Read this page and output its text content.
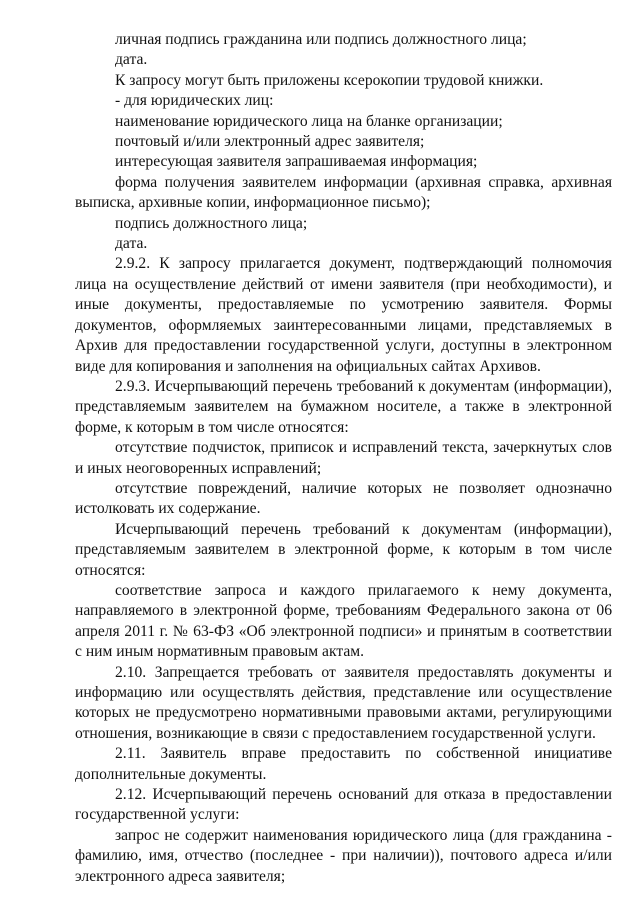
личная подпись гражданина или подпись должностного лица;

дата.

К запросу могут быть приложены ксерокопии трудовой книжки.

- для юридических лиц:

наименование юридического лица на бланке организации;

почтовый и/или электронный адрес заявителя;

интересующая заявителя запрашиваемая информация;

форма получения заявителем информации (архивная справка, архивная выписка, архивные копии, информационное письмо);

подпись должностного лица;

дата.

2.9.2. К запросу прилагается документ, подтверждающий полномочия лица на осуществление действий от имени заявителя (при необходимости), и иные документы, предоставляемые по усмотрению заявителя. Формы документов, оформляемых заинтересованными лицами, представляемых в Архив для предоставлении государственной услуги, доступны в электронном виде для копирования и заполнения на официальных сайтах Архивов.

2.9.3. Исчерпывающий перечень требований к документам (информации), представляемым заявителем на бумажном носителе, а также в электронной форме, к которым в том числе относятся:

отсутствие подчисток, приписок и исправлений текста, зачеркнутых слов и иных неоговоренных исправлений;

отсутствие повреждений, наличие которых не позволяет однозначно истолковать их содержание.

Исчерпывающий перечень требований к документам (информации), представляемым заявителем в электронной форме, к которым в том числе относятся:

соответствие запроса и каждого прилагаемого к нему документа, направляемого в электронной форме, требованиям Федерального закона от 06 апреля 2011 г. № 63-ФЗ «Об электронной подписи» и принятым в соответствии с ним иным нормативным правовым актам.

2.10. Запрещается требовать от заявителя предоставлять документы и информацию или осуществлять действия, представление или осуществление которых не предусмотрено нормативными правовыми актами, регулирующими отношения, возникающие в связи с предоставлением государственной услуги.

2.11. Заявитель вправе предоставить по собственной инициативе дополнительные документы.

2.12. Исчерпывающий перечень оснований для отказа в предоставлении государственной услуги:

запрос не содержит наименования юридического лица (для гражданина - фамилию, имя, отчество (последнее - при наличии)), почтового адреса и/или электронного адреса заявителя;
